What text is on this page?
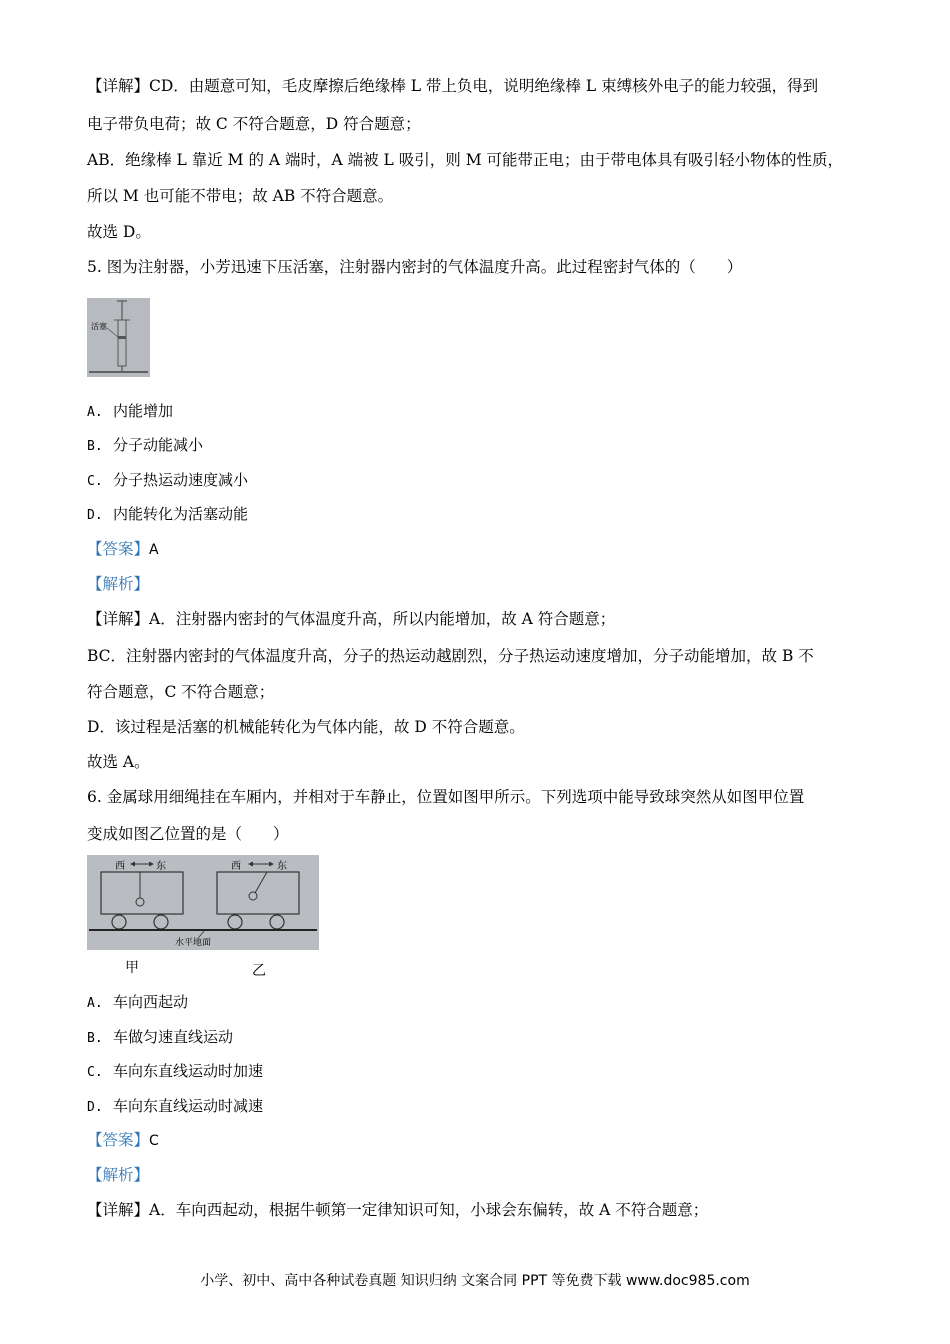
【详解】CD．由题意可知，毛皮摩擦后绝缘棒 L 带上负电，说明绝缘棒 L 束缚核外电子的能力较强，得到
电子带负电荷；故 C 不符合题意，D 符合题意；
AB．绝缘棒 L 靠近 M 的 A 端时，A 端被 L 吸引，则 M 可能带正电；由于带电体具有吸引轻小物体的性质，
所以 M 也可能不带电；故 AB 不符合题意。
故选 D。
5. 图为注射器，小芳迅速下压活塞，注射器内密封的气体温度升高。此过程密封气体的（　　）
活塞
A. 内能增加
B. 分子动能减小
C. 分子热运动速度减小
D. 内能转化为活塞动能
【答案】A
【解析】
【详解】A．注射器内密封的气体温度升高，所以内能增加，故 A 符合题意；
BC．注射器内密封的气体温度升高，分子的热运动越剧烈，分子热运动速度增加，分子动能增加，故 B 不
符合题意，C 不符合题意；
D．该过程是活塞的机械能转化为气体内能，故 D 不符合题意。
故选 A。
6. 金属球用细绳挂在车厢内，并相对于车静止，位置如图甲所示。下列选项中能导致球突然从如图甲位置
变成如图乙位置的是（　　）
西	东	西	东
水平地面
甲	乙
A. 车向西起动
B. 车做匀速直线运动
C. 车向东直线运动时加速
D. 车向东直线运动时减速
【答案】C
【解析】
【详解】A．车向西起动，根据牛顿第一定律知识可知，小球会东偏转，故 A 不符合题意；
小学、初中、高中各种试卷真题 知识归纳 文案合同 PPT 等免费下载 www.doc985.com
